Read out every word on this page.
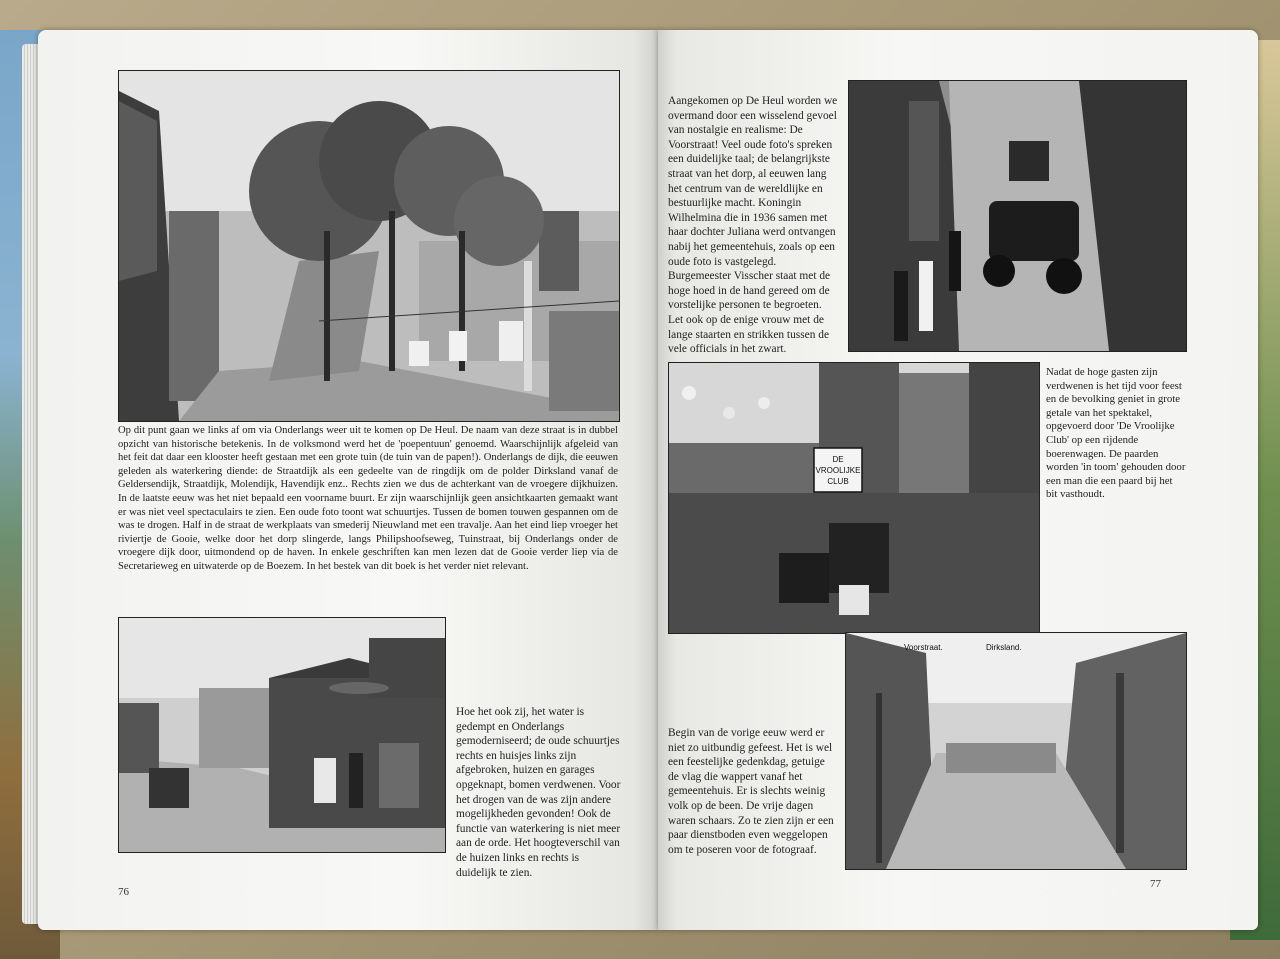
Op dit punt gaan we links af om via Onderlangs weer uit te komen op De Heul. De naam van deze straat is in dubbel opzicht van historische betekenis. In de volksmond werd het de 'poepentuun' genoemd. Waarschijnlijk afgeleid van het feit dat daar een klooster heeft gestaan met een grote tuin (de tuin van de papen!). Onderlangs de dijk, die eeuwen geleden als waterkering diende: de Straatdijk als een gedeelte van de ringdijk om de polder Dirksland vanaf de Geldersendijk, Straatdijk, Molendijk, Havendijk enz.. Rechts zien we dus de achterkant van de vroegere dijkhuizen. In de laatste eeuw was het niet bepaald een voorname buurt. Er zijn waarschijnlijk geen ansichtkaarten gemaakt want er was niet veel spectaculairs te zien. Een oude foto toont wat schuurtjes. Tussen de bomen touwen gespannen om de was te drogen. Half in de straat de werkplaats van smederij Nieuwland met een travalje. Aan het eind liep vroeger het riviertje de Gooie, welke door het dorp slingerde, langs Philipshoofseweg, Tuinstraat, bij Onderlangs onder de vroegere dijk door, uitmondend op de haven. In enkele geschriften kan men lezen dat de Gooie verder liep via de Secretarieweg en uitwaterde op de Boezem. In het bestek van dit boek is het verder niet relevant.

Hoe het ook zij, het water is gedempt en Onderlangs gemoderniseerd; de oude schuurtjes rechts en huisjes links zijn afgebroken, huizen en garages opgeknapt, bomen verdwenen. Voor het drogen van de was zijn andere mogelijkheden gevonden! Ook de functie van waterkering is niet meer aan de orde. Het hoogteverschil van de huizen links en rechts is duidelijk te zien.

76

Aangekomen op De Heul worden we overmand door een wisselend gevoel van nostalgie en realisme: De Voorstraat! Veel oude foto's spreken een duidelijke taal; de belangrijkste straat van het dorp, al eeuwen lang het centrum van de wereldlijke en bestuurlijke macht. Koningin Wilhelmina die in 1936 samen met haar dochter Juliana werd ontvangen nabij het gemeentehuis, zoals op een oude foto is vastgelegd. Burgemeester Visscher staat met de hoge hoed in de hand gereed om de vorstelijke personen te begroeten. Let ook op de enige vrouw met de lange staarten en strikken tussen de vele officials in het zwart.

DE
VROOLIJKE
CLUB

Nadat de hoge gasten zijn verdwenen is het tijd voor feest en de bevolking geniet in grote getale van het spektakel, opgevoerd door 'De Vroolijke Club' op een rijdende boerenwagen. De paarden worden 'in toom' gehouden door een man die een paard bij het bit vasthoudt.

Voorstraat.	Dirksland.

Begin van de vorige eeuw werd er niet zo uitbundig gefeest. Het is wel een feestelijke gedenkdag, getuige de vlag die wappert vanaf het gemeentehuis. Er is slechts weinig volk op de been. De vrije dagen waren schaars. Zo te zien zijn er een paar dienstboden even weggelopen om te poseren voor de fotograaf.

77
